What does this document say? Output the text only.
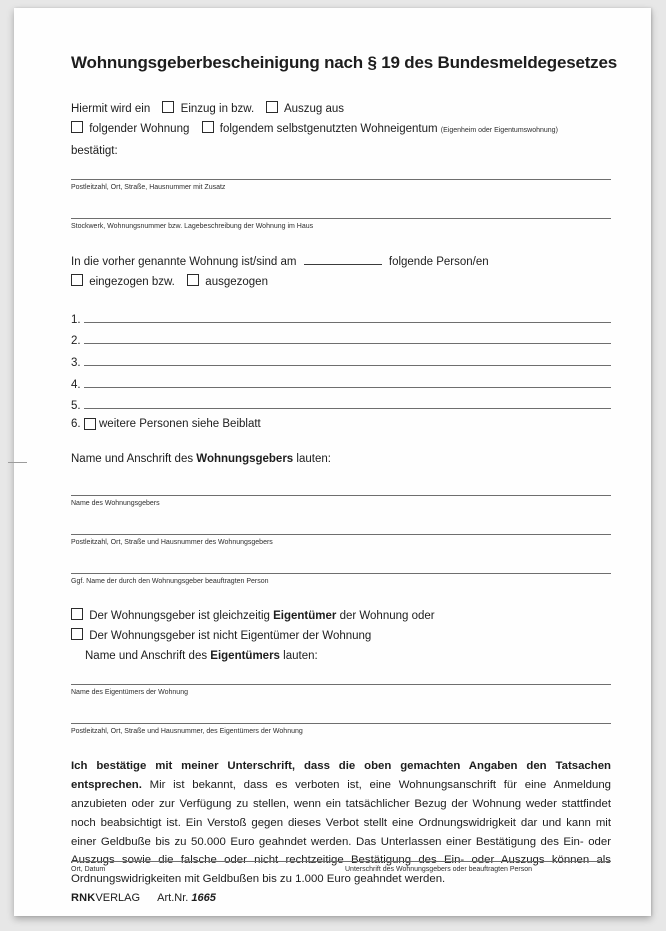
Wohnungsgeberbescheinigung nach § 19 des Bundesmeldegesetzes
Hiermit wird ein	Einzug in bzw.	Auszug aus
folgender Wohnung	folgendem selbstgenutzten Wohneigentum (Eigenheim oder Eigentumswohnung)
bestätigt:
Postleitzahl, Ort, Straße, Hausnummer mit Zusatz
Stockwerk, Wohnungsnummer bzw. Lagebeschreibung der Wohnung im Haus
In die vorher genannte Wohnung ist/sind am	folgende Person/en
eingezogen bzw.	ausgezogen
1.
2.
3.
4.
5.
6. weitere Personen siehe Beiblatt
Name und Anschrift des Wohnungsgebers lauten:
Name des Wohnungsgebers
Postleitzahl, Ort, Straße und Hausnummer des Wohnungsgebers
Ggf. Name der durch den Wohnungsgeber beauftragten Person
Der Wohnungsgeber ist gleichzeitig Eigentümer der Wohnung oder
Der Wohnungsgeber ist nicht Eigentümer der Wohnung
Name und Anschrift des Eigentümers lauten:
Name des Eigentümers der Wohnung
Postleitzahl, Ort, Straße und Hausnummer, des Eigentümers der Wohnung
Ich bestätige mit meiner Unterschrift, dass die oben gemachten Angaben den Tatsachen entsprechen. Mir ist bekannt, dass es verboten ist, eine Wohnungsanschrift für eine Anmeldung anzubieten oder zur Verfügung zu stellen, wenn ein tatsächlicher Bezug der Wohnung weder stattfindet noch beabsichtigt ist. Ein Verstoß gegen dieses Verbot stellt eine Ordnungswidrigkeit dar und kann mit einer Geldbuße bis zu 50.000 Euro geahndet werden. Das Unterlassen einer Bestätigung des Ein- oder Auszugs sowie die falsche oder nicht rechtzeitige Bestätigung des Ein- oder Auszugs können als Ordnungswidrigkeiten mit Geldbußen bis zu 1.000 Euro geahndet werden.
Ort, Datum	Unterschrift des Wohnungsgebers oder beauftragten Person
RNKVERLAG Art.Nr. 1665
